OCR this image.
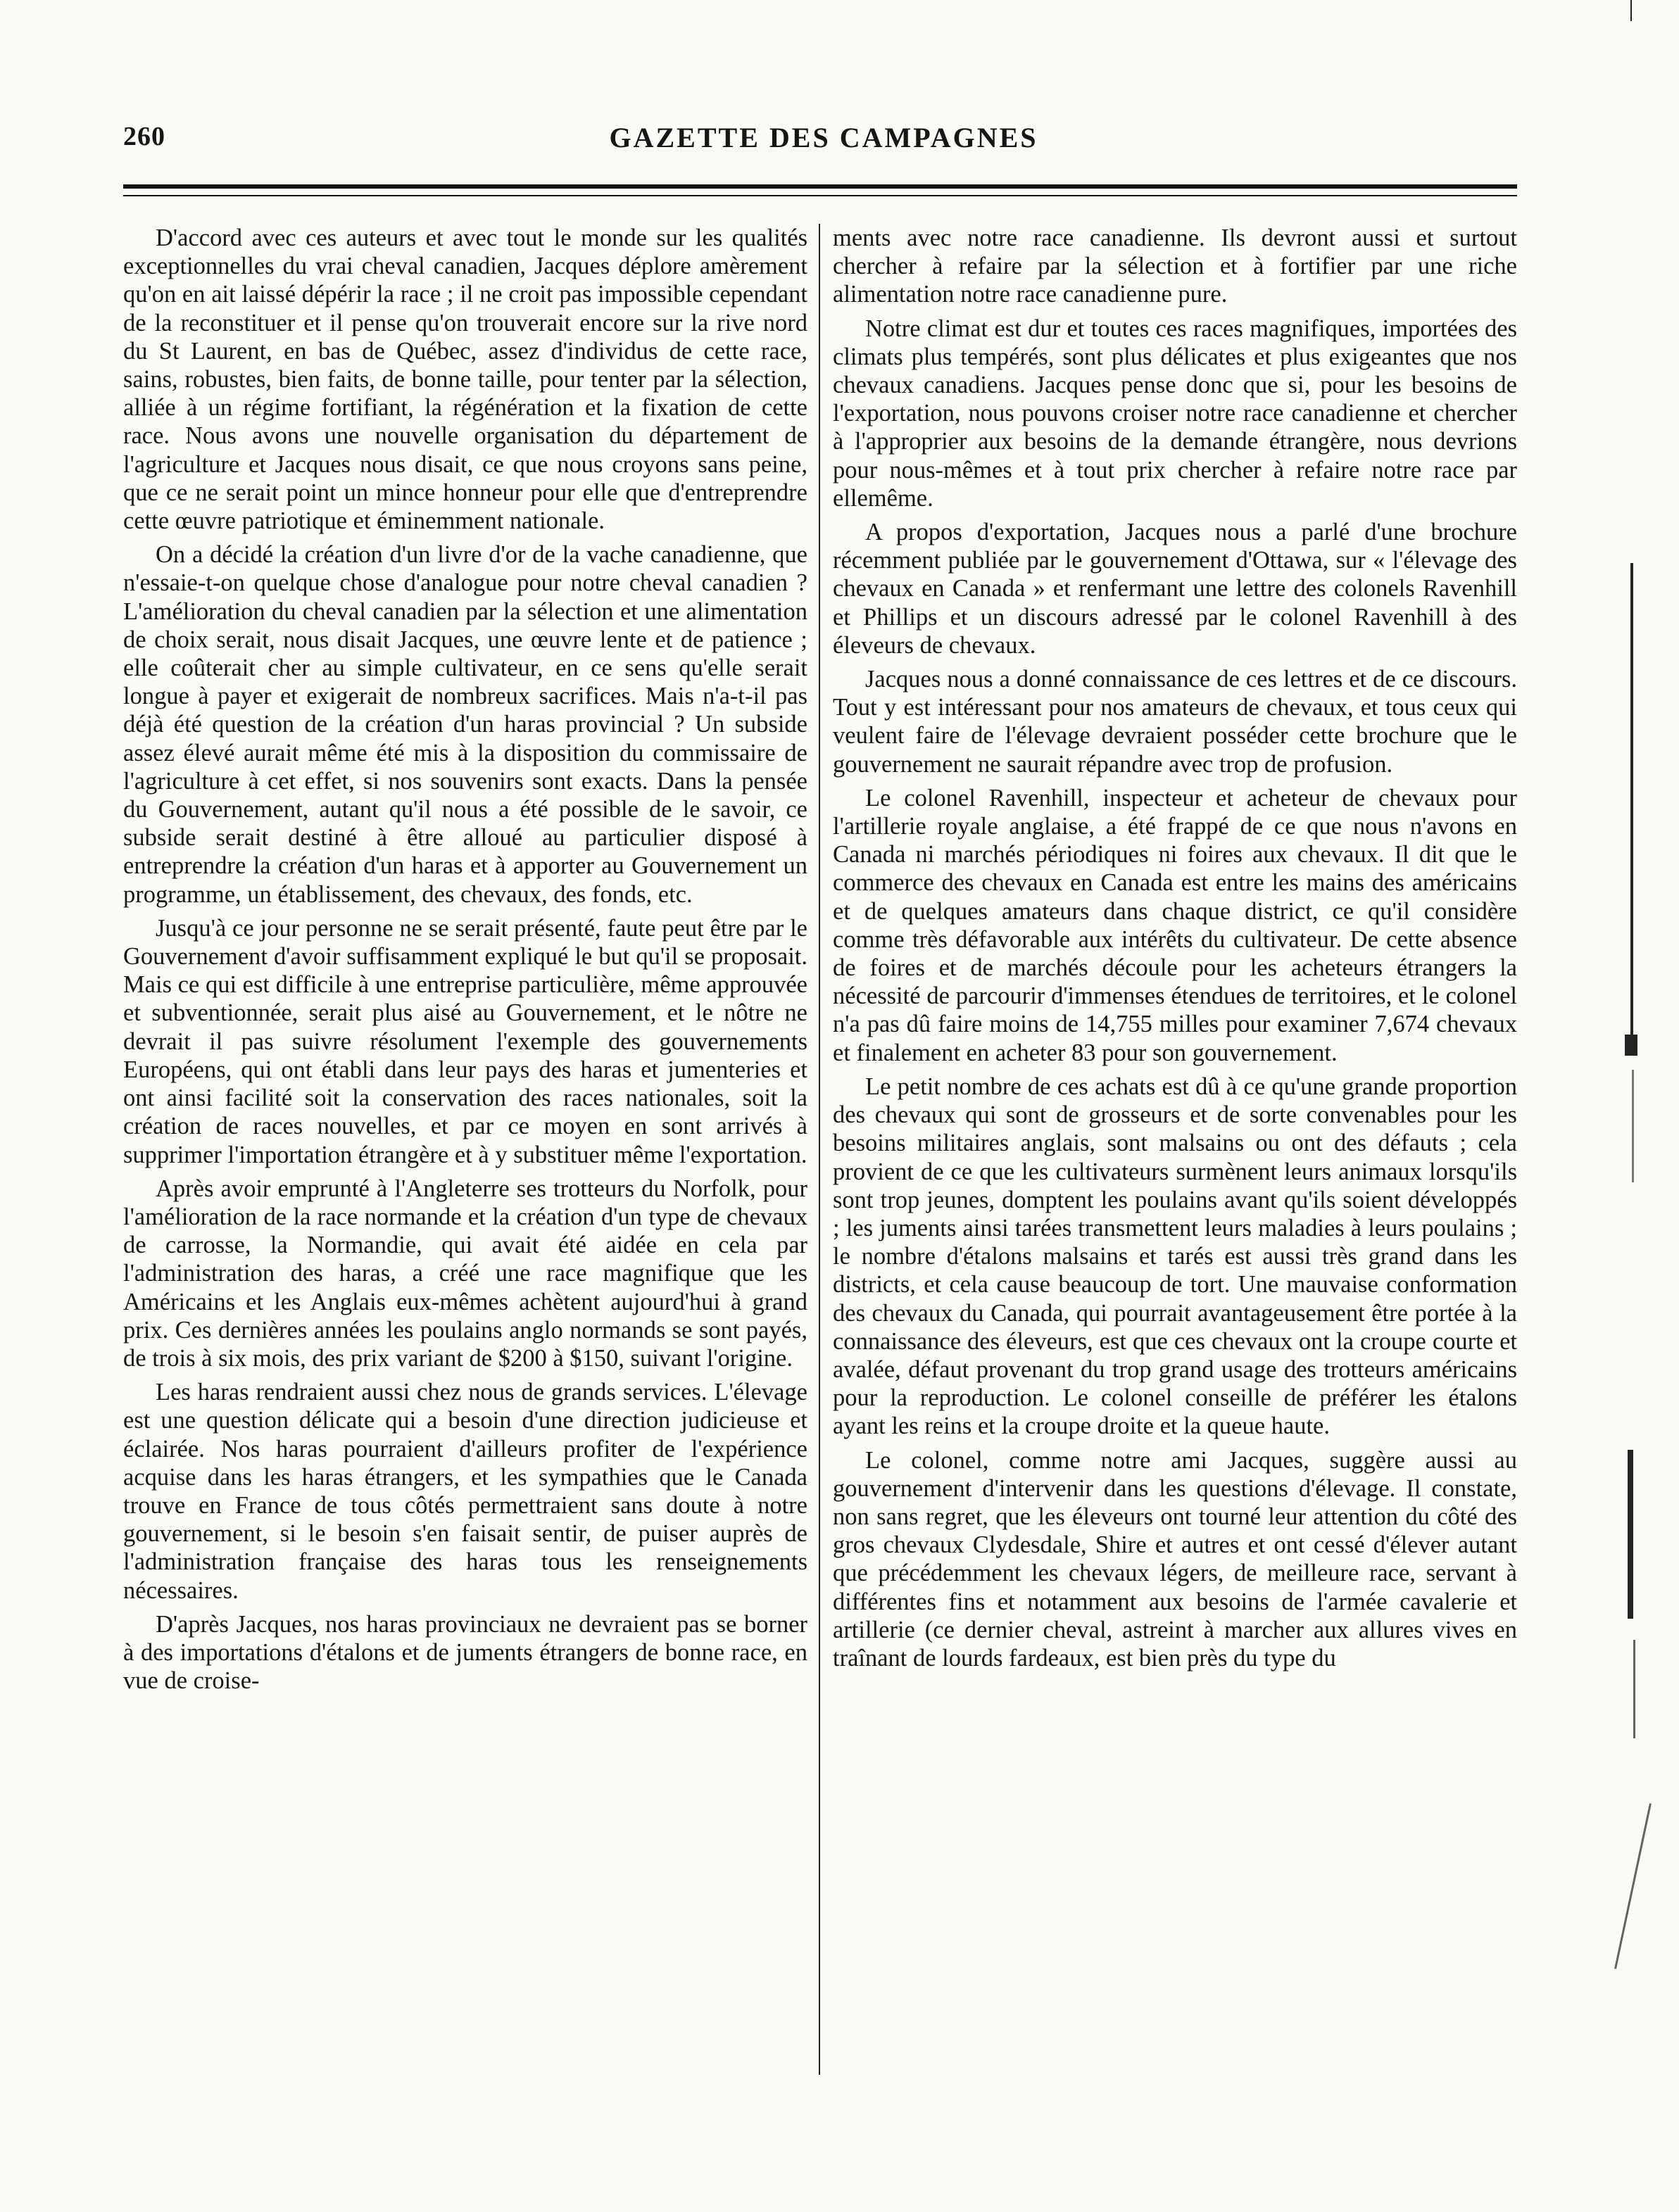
260	GAZETTE DES CAMPAGNES

D'accord avec ces auteurs et avec tout le monde sur les qualités exceptionnelles du vrai cheval canadien, Jacques déplore amèrement qu'on en ait laissé dépérir la race ; il ne croit pas impossible cependant de la reconstituer et il pense qu'on trouverait encore sur la rive nord du St Laurent, en bas de Québec, assez d'individus de cette race, sains, robustes, bien faits, de bonne taille, pour tenter par la sélection, alliée à un régime fortifiant, la régénération et la fixation de cette race. Nous avons une nouvelle organisation du département de l'agriculture et Jacques nous disait, ce que nous croyons sans peine, que ce ne serait point un mince honneur pour elle que d'entreprendre cette œuvre patriotique et éminemment nationale.

On a décidé la création d'un livre d'or de la vache canadienne, que n'essaie-t-on quelque chose d'analogue pour notre cheval canadien ? L'amélioration du cheval canadien par la sélection et une alimentation de choix serait, nous disait Jacques, une œuvre lente et de patience ; elle coûterait cher au simple cultivateur, en ce sens qu'elle serait longue à payer et exigerait de nombreux sacrifices. Mais n'a-t-il pas déjà été question de la création d'un haras provincial ? Un subside assez élevé aurait même été mis à la disposition du commissaire de l'agriculture à cet effet, si nos souvenirs sont exacts. Dans la pensée du Gouvernement, autant qu'il nous a été possible de le savoir, ce subside serait destiné à être alloué au particulier disposé à entreprendre la création d'un haras et à apporter au Gouvernement un programme, un établissement, des chevaux, des fonds, etc.

Jusqu'à ce jour personne ne se serait présenté, faute peut être par le Gouvernement d'avoir suffisamment expliqué le but qu'il se proposait. Mais ce qui est difficile à une entreprise particulière, même approuvée et subventionnée, serait plus aisé au Gouvernement, et le nôtre ne devrait il pas suivre résolument l'exemple des gouvernements Européens, qui ont établi dans leur pays des haras et jumenteries et ont ainsi facilité soit la conservation des races nationales, soit la création de races nouvelles, et par ce moyen en sont arrivés à supprimer l'importation étrangère et à y substituer même l'exportation.

Après avoir emprunté à l'Angleterre ses trotteurs du Norfolk, pour l'amélioration de la race normande et la création d'un type de chevaux de carrosse, la Normandie, qui avait été aidée en cela par l'administration des haras, a créé une race magnifique que les Américains et les Anglais eux-mêmes achètent aujourd'hui à grand prix. Ces dernières années les poulains anglo normands se sont payés, de trois à six mois, des prix variant de $200 à $150, suivant l'origine.

Les haras rendraient aussi chez nous de grands services. L'élevage est une question délicate qui a besoin d'une direction judicieuse et éclairée. Nos haras pourraient d'ailleurs profiter de l'expérience acquise dans les haras étrangers, et les sympathies que le Canada trouve en France de tous côtés permettraient sans doute à notre gouvernement, si le besoin s'en faisait sentir, de puiser auprès de l'administration française des haras tous les renseignements nécessaires.

D'après Jacques, nos haras provinciaux ne devraient pas se borner à des importations d'étalons et de juments étrangers de bonne race, en vue de croise-

ments avec notre race canadienne. Ils devront aussi et surtout chercher à refaire par la sélection et à fortifier par une riche alimentation notre race canadienne pure.

Notre climat est dur et toutes ces races magnifiques, importées des climats plus tempérés, sont plus délicates et plus exigeantes que nos chevaux canadiens. Jacques pense donc que si, pour les besoins de l'exportation, nous pouvons croiser notre race canadienne et chercher à l'approprier aux besoins de la demande étrangère, nous devrions pour nous-mêmes et à tout prix chercher à refaire notre race par ellemême.

A propos d'exportation, Jacques nous a parlé d'une brochure récemment publiée par le gouvernement d'Ottawa, sur « l'élevage des chevaux en Canada » et renfermant une lettre des colonels Ravenhill et Phillips et un discours adressé par le colonel Ravenhill à des éleveurs de chevaux.

Jacques nous a donné connaissance de ces lettres et de ce discours. Tout y est intéressant pour nos amateurs de chevaux, et tous ceux qui veulent faire de l'élevage devraient posséder cette brochure que le gouvernement ne saurait répandre avec trop de profusion.

Le colonel Ravenhill, inspecteur et acheteur de chevaux pour l'artillerie royale anglaise, a été frappé de ce que nous n'avons en Canada ni marchés périodiques ni foires aux chevaux. Il dit que le commerce des chevaux en Canada est entre les mains des américains et de quelques amateurs dans chaque district, ce qu'il considère comme très défavorable aux intérêts du cultivateur. De cette absence de foires et de marchés découle pour les acheteurs étrangers la nécessité de parcourir d'immenses étendues de territoires, et le colonel n'a pas dû faire moins de 14,755 milles pour examiner 7,674 chevaux et finalement en acheter 83 pour son gouvernement.

Le petit nombre de ces achats est dû à ce qu'une grande proportion des chevaux qui sont de grosseurs et de sorte convenables pour les besoins militaires anglais, sont malsains ou ont des défauts ; cela provient de ce que les cultivateurs surmènent leurs animaux lorsqu'ils sont trop jeunes, domptent les poulains avant qu'ils soient développés ; les juments ainsi tarées transmettent leurs maladies à leurs poulains ; le nombre d'étalons malsains et tarés est aussi très grand dans les districts, et cela cause beaucoup de tort. Une mauvaise conformation des chevaux du Canada, qui pourrait avantageusement être portée à la connaissance des éleveurs, est que ces chevaux ont la croupe courte et avalée, défaut provenant du trop grand usage des trotteurs américains pour la reproduction. Le colonel conseille de préférer les étalons ayant les reins et la croupe droite et la queue haute.

Le colonel, comme notre ami Jacques, suggère aussi au gouvernement d'intervenir dans les questions d'élevage. Il constate, non sans regret, que les éleveurs ont tourné leur attention du côté des gros chevaux Clydesdale, Shire et autres et ont cessé d'élever autant que précédemment les chevaux légers, de meilleure race, servant à différentes fins et notamment aux besoins de l'armée cavalerie et artillerie (ce dernier cheval, astreint à marcher aux allures vives en traînant de lourds fardeaux, est bien près du type du
